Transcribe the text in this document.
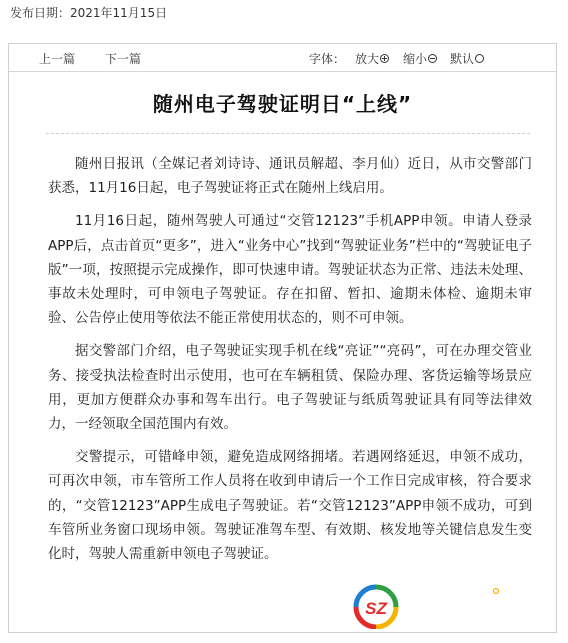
发布日期：2021年11月15日
上一篇 下一篇	字体： 放大	缩小	默认
随州电子驾驶证明日“上线”

随州日报讯（全媒记者刘诗诗、通讯员解超、李月仙）近日，从市交警部门获悉，11月16日起，电子驾驶证将正式在随州上线启用。

11月16日起，随州驾驶人可通过“交管12123”手机APP申领。申请人登录APP后，点击首页“更多”，进入“业务中心”找到“驾驶证业务”栏中的“驾驶证电子版”一项，按照提示完成操作，即可快速申请。驾驶证状态为正常、违法未处理、事故未处理时，可申领电子驾驶证。存在扣留、暂扣、逾期未体检、逾期未审验、公告停止使用等依法不能正常使用状态的，则不可申领。

据交警部门介绍，电子驾驶证实现手机在线“亮证”“亮码”，可在办理交管业务、接受执法检查时出示使用，也可在车辆租赁、保险办理、客货运输等场景应用，更加方便群众办事和驾车出行。电子驾驶证与纸质驾驶证具有同等法律效力，一经领取全国范围内有效。

交警提示，可错峰申领，避免造成网络拥堵。若遇网络延迟，申领不成功，可再次申领，市车管所工作人员将在收到申请后一个工作日完成审核，符合要求的，“交管12123”APP生成电子驾驶证。若“交管12123”APP申领不成功，可到车管所业务窗口现场申领。驾驶证准驾车型、有效期、核发地等关键信息发生变化时，驾驶人需重新申领电子驾驶证。

SZ
